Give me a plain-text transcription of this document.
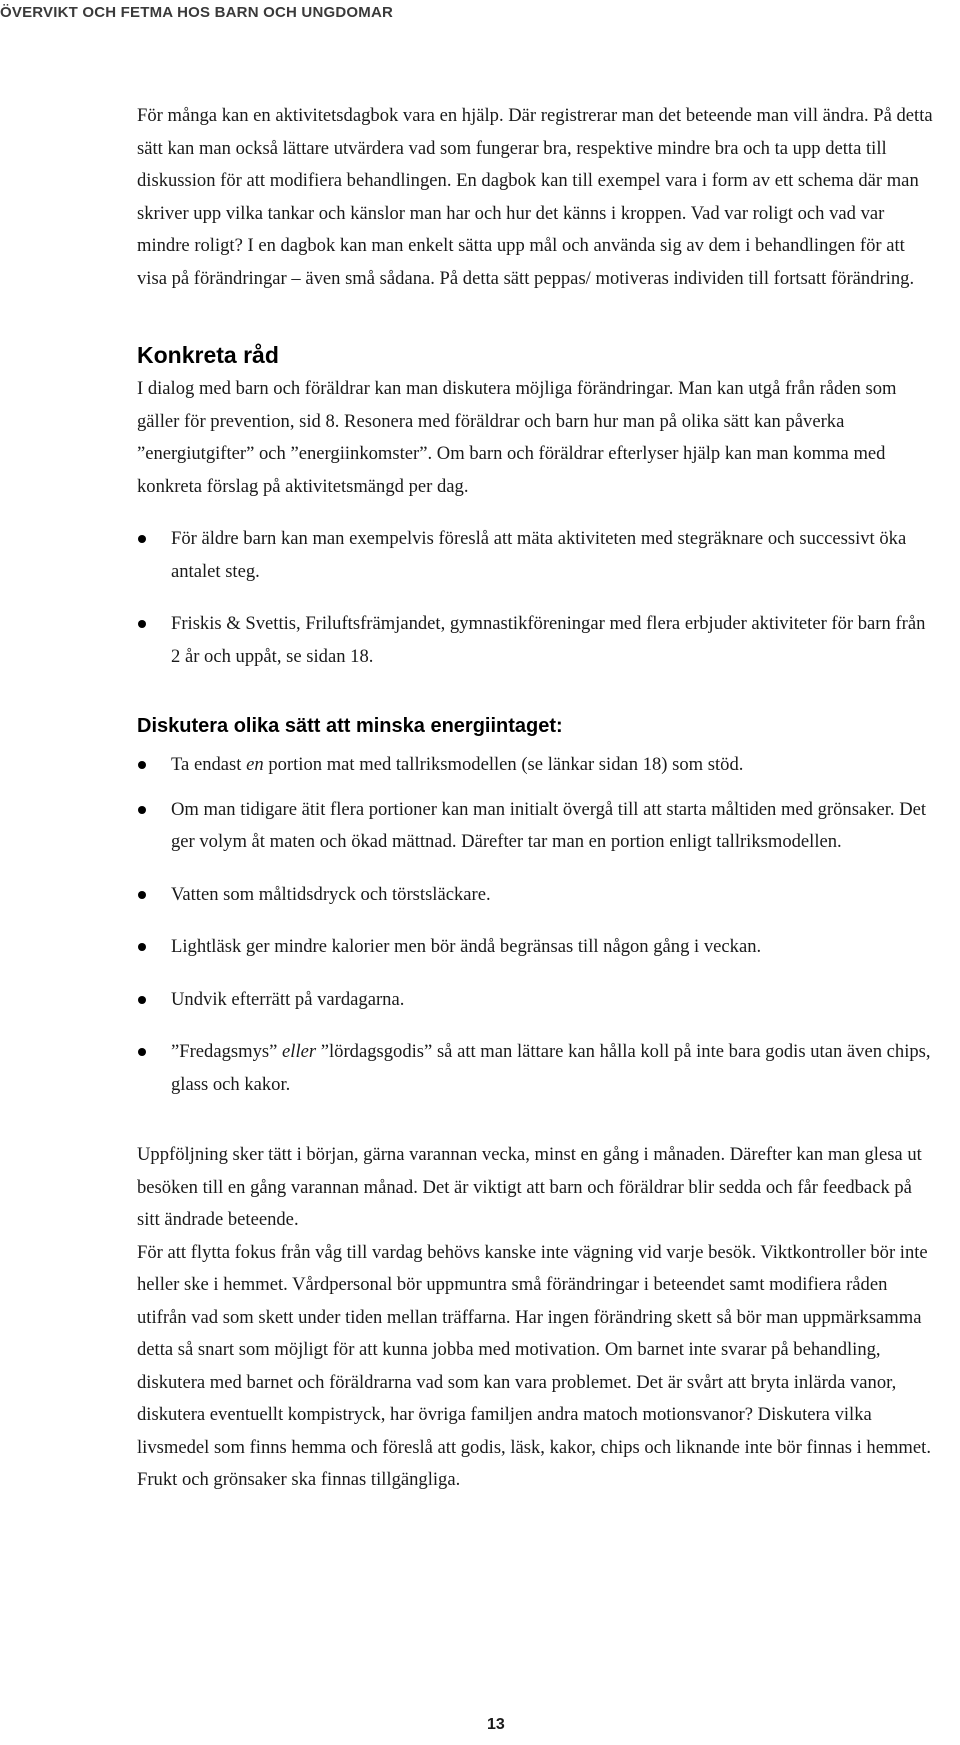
ÖVERVIKT OCH FETMA HOS BARN OCH UNGDOMAR

För många kan en aktivitetsdagbok vara en hjälp. Där registrerar man det beteende man vill ändra. På detta sätt kan man också lättare utvärdera vad som fungerar bra, respektive mindre bra och ta upp detta till diskussion för att modifiera behandlingen. En dagbok kan till exempel vara i form av ett schema där man skriver upp vilka tankar och känslor man har och hur det känns i kroppen. Vad var roligt och vad var mindre roligt? I en dagbok kan man enkelt sätta upp mål och använda sig av dem i behandlingen för att visa på förändringar – även små sådana. På detta sätt peppas/ motiveras individen till fortsatt förändring.

Konkreta råd

I dialog med barn och föräldrar kan man diskutera möjliga förändringar. Man kan utgå från råden som gäller för prevention, sid 8. Resonera med föräldrar och barn hur man på olika sätt kan påverka ”energiutgifter” och ”energiinkomster”. Om barn och föräldrar efterlyser hjälp kan man komma med konkreta förslag på aktivitetsmängd per dag.

För äldre barn kan man exempelvis föreslå att mäta aktiviteten med stegräknare och successivt öka antalet steg.
Friskis & Svettis, Friluftsfrämjandet, gymnastikföreningar med flera erbjuder aktiviteter för barn från 2 år och uppåt, se sidan 18.
Diskutera olika sätt att minska energiintaget:
Ta endast en portion mat med tallriksmodellen (se länkar sidan 18) som stöd.
Om man tidigare ätit flera portioner kan man initialt övergå till att starta måltiden med grönsaker. Det ger volym åt maten och ökad mättnad. Därefter tar man en portion enligt tallriksmodellen.
Vatten som måltidsdryck och törstsläckare.
Lightläsk ger mindre kalorier men bör ändå begränsas till någon gång i veckan.
Undvik efterrätt på vardagarna.
”Fredagsmys” eller ”lördagsgodis” så att man lättare kan hålla koll på inte bara godis utan även chips, glass och kakor.

Uppföljning sker tätt i början, gärna varannan vecka, minst en gång i månaden. Därefter kan man glesa ut besöken till en gång varannan månad. Det är viktigt att barn och föräldrar blir sedda och får feedback på sitt ändrade beteende.

För att flytta fokus från våg till vardag behövs kanske inte vägning vid varje besök. Viktkontroller bör inte heller ske i hemmet. Vårdpersonal bör uppmuntra små förändringar i beteendet samt modifiera råden utifrån vad som skett under tiden mellan träffarna. Har ingen förändring skett så bör man uppmärksamma detta så snart som möjligt för att kunna jobba med motivation. Om barnet inte svarar på behandling, diskutera med barnet och föräldrarna vad som kan vara problemet. Det är svårt att bryta inlärda vanor, diskutera eventuellt kompistryck, har övriga familjen andra matoch motionsvanor? Diskutera vilka livsmedel som finns hemma och föreslå att godis, läsk, kakor, chips och liknande inte bör finnas i hemmet. Frukt och grönsaker ska finnas tillgängliga.

13
